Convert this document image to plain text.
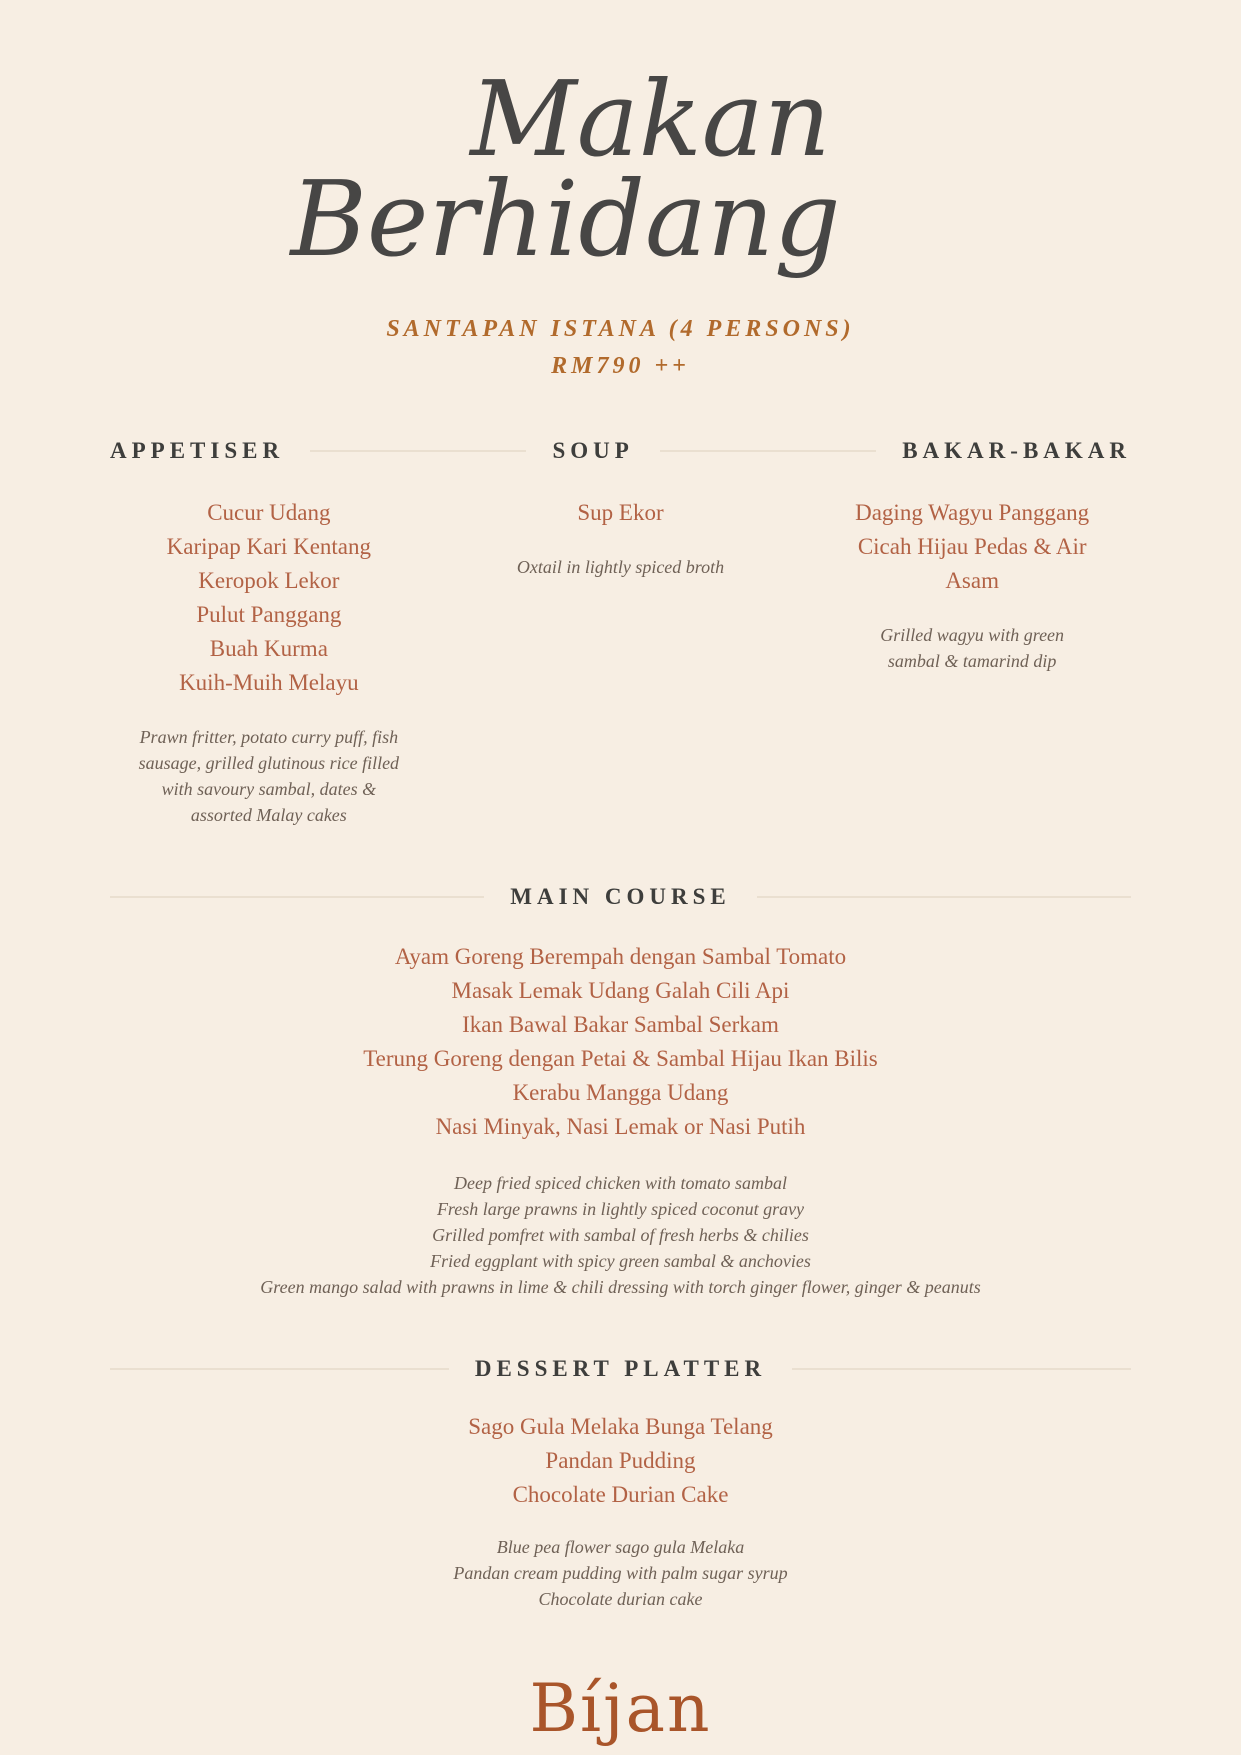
Makan
Berhidang
SANTAPAN ISTANA (4 PERSONS)
RM790 ++
APPETISER	SOUP	BAKAR-BAKAR
Cucur Udang
Karipap Kari Kentang
Keropok Lekor
Pulut Panggang
Buah Kurma
Kuih-Muih Melayu
Prawn fritter, potato curry puff, fish sausage, grilled glutinous rice filled with savoury sambal, dates & assorted Malay cakes
Sup Ekor
Oxtail in lightly spiced broth
Daging Wagyu Panggang Cicah Hijau Pedas & Air Asam
Grilled wagyu with green sambal & tamarind dip
MAIN COURSE
Ayam Goreng Berempah dengan Sambal Tomato
Masak Lemak Udang Galah Cili Api
Ikan Bawal Bakar Sambal Serkam
Terung Goreng dengan Petai & Sambal Hijau Ikan Bilis
Kerabu Mangga Udang
Nasi Minyak, Nasi Lemak or Nasi Putih
Deep fried spiced chicken with tomato sambal
Fresh large prawns in lightly spiced coconut gravy
Grilled pomfret with sambal of fresh herbs & chilies
Fried eggplant with spicy green sambal & anchovies
Green mango salad with prawns in lime & chili dressing with torch ginger flower, ginger & peanuts
DESSERT PLATTER
Sago Gula Melaka Bunga Telang
Pandan Pudding
Chocolate Durian Cake
Blue pea flower sago gula Melaka
Pandan cream pudding with palm sugar syrup
Chocolate durian cake
Bíjan
